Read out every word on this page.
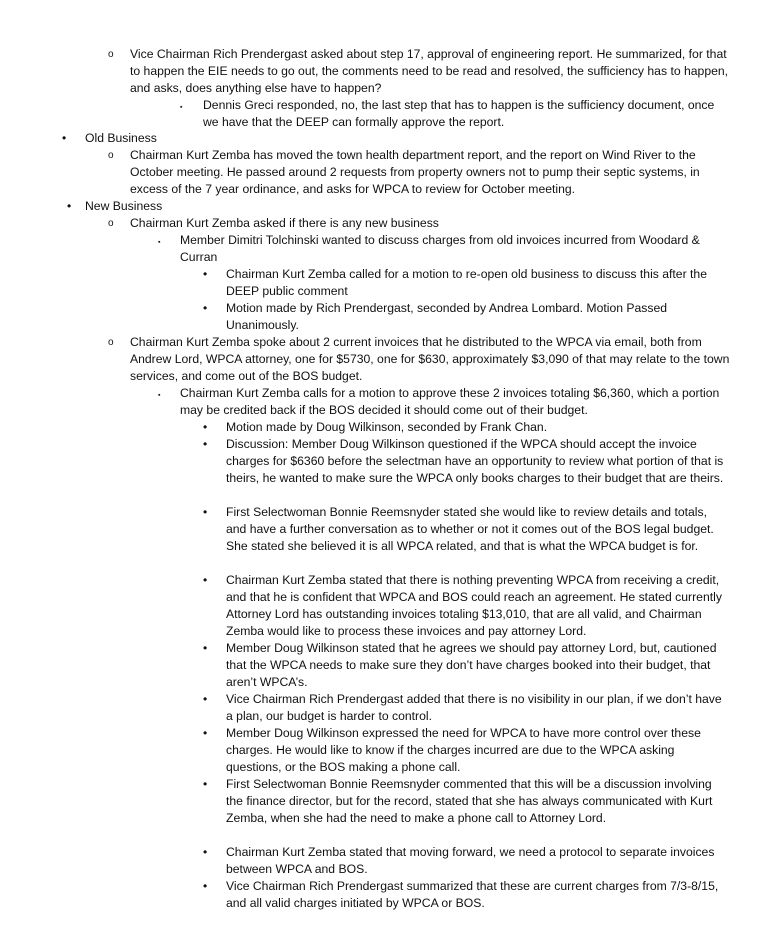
o Vice Chairman Rich Prendergast asked about step 17, approval of engineering report. He summarized, for that to happen the EIE needs to go out, the comments need to be read and resolved, the sufficiency has to happen, and asks, does anything else have to happen?
▪ Dennis Greci responded, no, the last step that has to happen is the sufficiency document, once we have that the DEEP can formally approve the report.
• Old Business
o Chairman Kurt Zemba has moved the town health department report, and the report on Wind River to the October meeting. He passed around 2 requests from property owners not to pump their septic systems, in excess of the 7 year ordinance, and asks for WPCA to review for October meeting.
• New Business
o Chairman Kurt Zemba asked if there is any new business
▪ Member Dimitri Tolchinski wanted to discuss charges from old invoices incurred from Woodard & Curran
• Chairman Kurt Zemba called for a motion to re-open old business to discuss this after the DEEP public comment
• Motion made by Rich Prendergast, seconded by Andrea Lombard. Motion Passed Unanimously.
o Chairman Kurt Zemba spoke about 2 current invoices that he distributed to the WPCA via email, both from Andrew Lord, WPCA attorney, one for $5730, one for $630, approximately $3,090 of that may relate to the town services, and come out of the BOS budget.
▪ Chairman Kurt Zemba calls for a motion to approve these 2 invoices totaling $6,360, which a portion may be credited back if the BOS decided it should come out of their budget.
• Motion made by Doug Wilkinson, seconded by Frank Chan.
• Discussion: Member Doug Wilkinson questioned if the WPCA should accept the invoice charges for $6360 before the selectman have an opportunity to review what portion of that is theirs, he wanted to make sure the WPCA only books charges to their budget that are theirs.
• First Selectwoman Bonnie Reemsnyder stated she would like to review details and totals, and have a further conversation as to whether or not it comes out of the BOS legal budget. She stated she believed it is all WPCA related, and that is what the WPCA budget is for.
• Chairman Kurt Zemba stated that there is nothing preventing WPCA from receiving a credit, and that he is confident that WPCA and BOS could reach an agreement. He stated currently Attorney Lord has outstanding invoices totaling $13,010, that are all valid, and Chairman Zemba would like to process these invoices and pay attorney Lord.
• Member Doug Wilkinson stated that he agrees we should pay attorney Lord, but, cautioned that the WPCA needs to make sure they don’t have charges booked into their budget, that aren’t WPCA’s.
• Vice Chairman Rich Prendergast added that there is no visibility in our plan, if we don’t have a plan, our budget is harder to control.
• Member Doug Wilkinson expressed the need for WPCA to have more control over these charges. He would like to know if the charges incurred are due to the WPCA asking questions, or the BOS making a phone call.
• First Selectwoman Bonnie Reemsnyder commented that this will be a discussion involving the finance director, but for the record, stated that she has always communicated with Kurt Zemba, when she had the need to make a phone call to Attorney Lord.
• Chairman Kurt Zemba stated that moving forward, we need a protocol to separate invoices between WPCA and BOS.
• Vice Chairman Rich Prendergast summarized that these are current charges from 7/3-8/15, and all valid charges initiated by WPCA or BOS.
